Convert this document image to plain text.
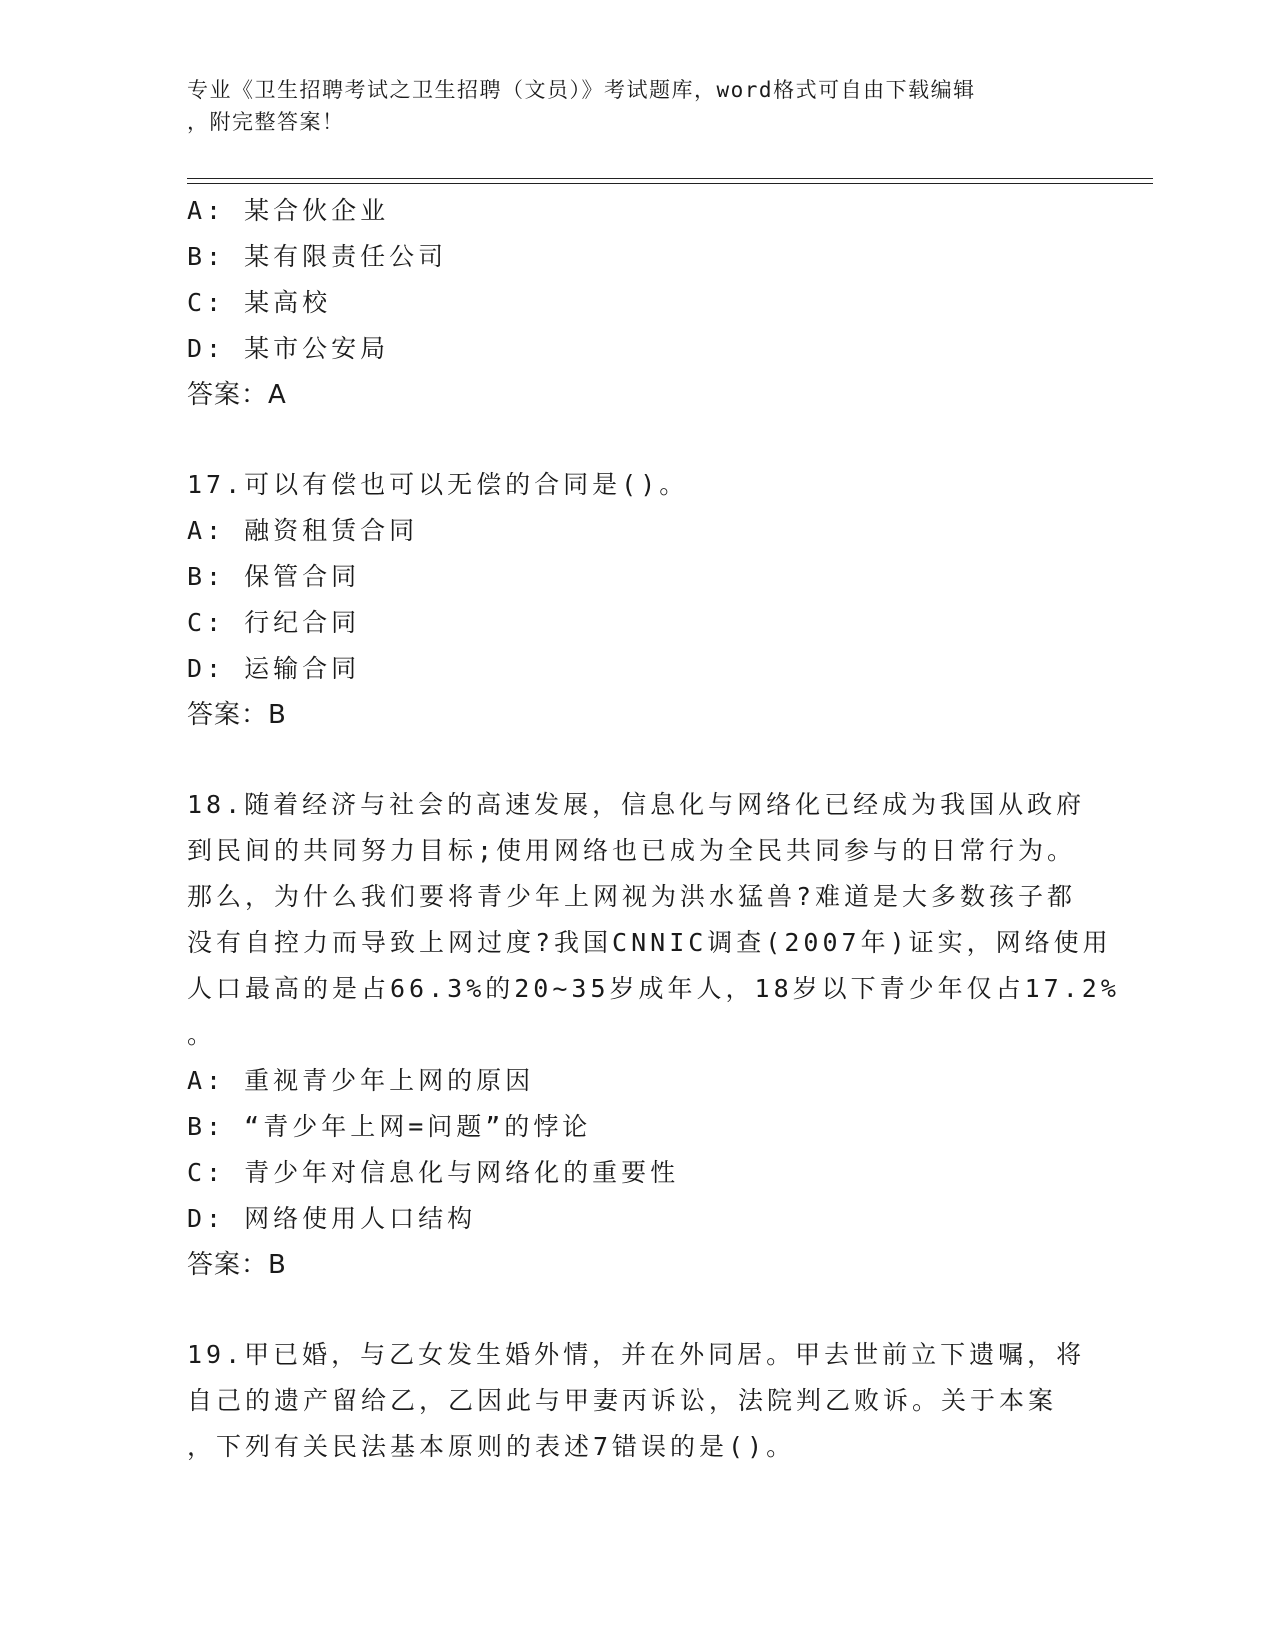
专业《卫生招聘考试之卫生招聘（文员）》考试题库，word格式可自由下载编辑
，附完整答案！
A: 某合伙企业
B: 某有限责任公司
C: 某高校
D: 某市公安局
答案：A
17.可以有偿也可以无偿的合同是()。
A: 融资租赁合同
B: 保管合同
C: 行纪合同
D: 运输合同
答案：B
18.随着经济与社会的高速发展，信息化与网络化已经成为我国从政府
到民间的共同努力目标;使用网络也已成为全民共同参与的日常行为。
那么，为什么我们要将青少年上网视为洪水猛兽?难道是大多数孩子都
没有自控力而导致上网过度?我国CNNIC调查(2007年)证实，网络使用
人口最高的是占66.3%的20~35岁成年人，18岁以下青少年仅占17.2%
。
A: 重视青少年上网的原因
B: “青少年上网=问题”的悖论
C: 青少年对信息化与网络化的重要性
D: 网络使用人口结构
答案：B
19.甲已婚，与乙女发生婚外情，并在外同居。甲去世前立下遗嘱，将
自己的遗产留给乙，乙因此与甲妻丙诉讼，法院判乙败诉。关于本案
，下列有关民法基本原则的表述7错误的是()。
